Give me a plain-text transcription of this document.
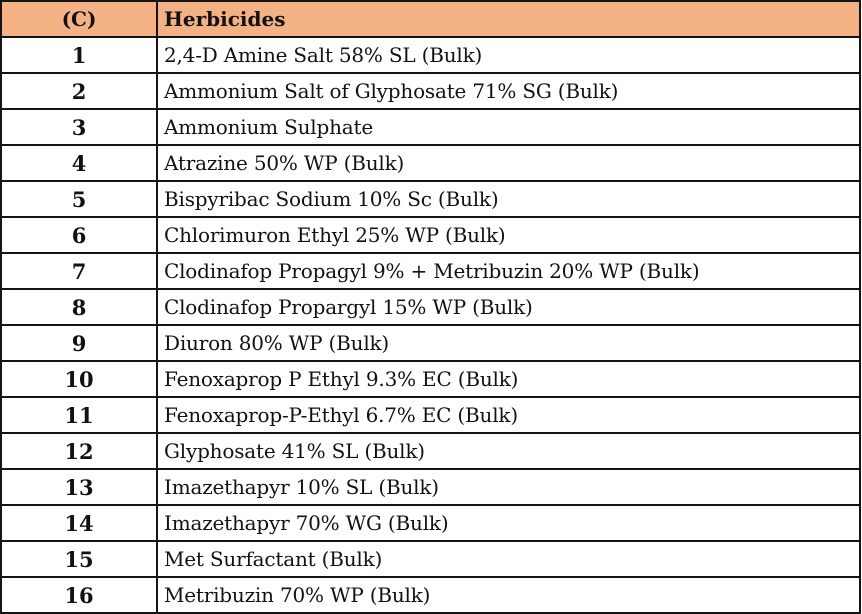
(C)	Herbicides
1	2,4-D Amine Salt 58% SL (Bulk)
2	Ammonium Salt of Glyphosate 71% SG (Bulk)
3	Ammonium Sulphate
4	Atrazine 50% WP (Bulk)
5	Bispyribac Sodium 10% Sc (Bulk)
6	Chlorimuron Ethyl 25% WP (Bulk)
7	Clodinafop Propagyl 9% + Metribuzin 20% WP (Bulk)
8	Clodinafop Propargyl 15% WP (Bulk)
9	Diuron 80% WP (Bulk)
10	Fenoxaprop P Ethyl 9.3% EC (Bulk)
11	Fenoxaprop-P-Ethyl 6.7% EC (Bulk)
12	Glyphosate 41% SL (Bulk)
13	Imazethapyr 10% SL (Bulk)
14	Imazethapyr 70% WG (Bulk)
15	Met Surfactant (Bulk)
16	Metribuzin 70% WP (Bulk)
